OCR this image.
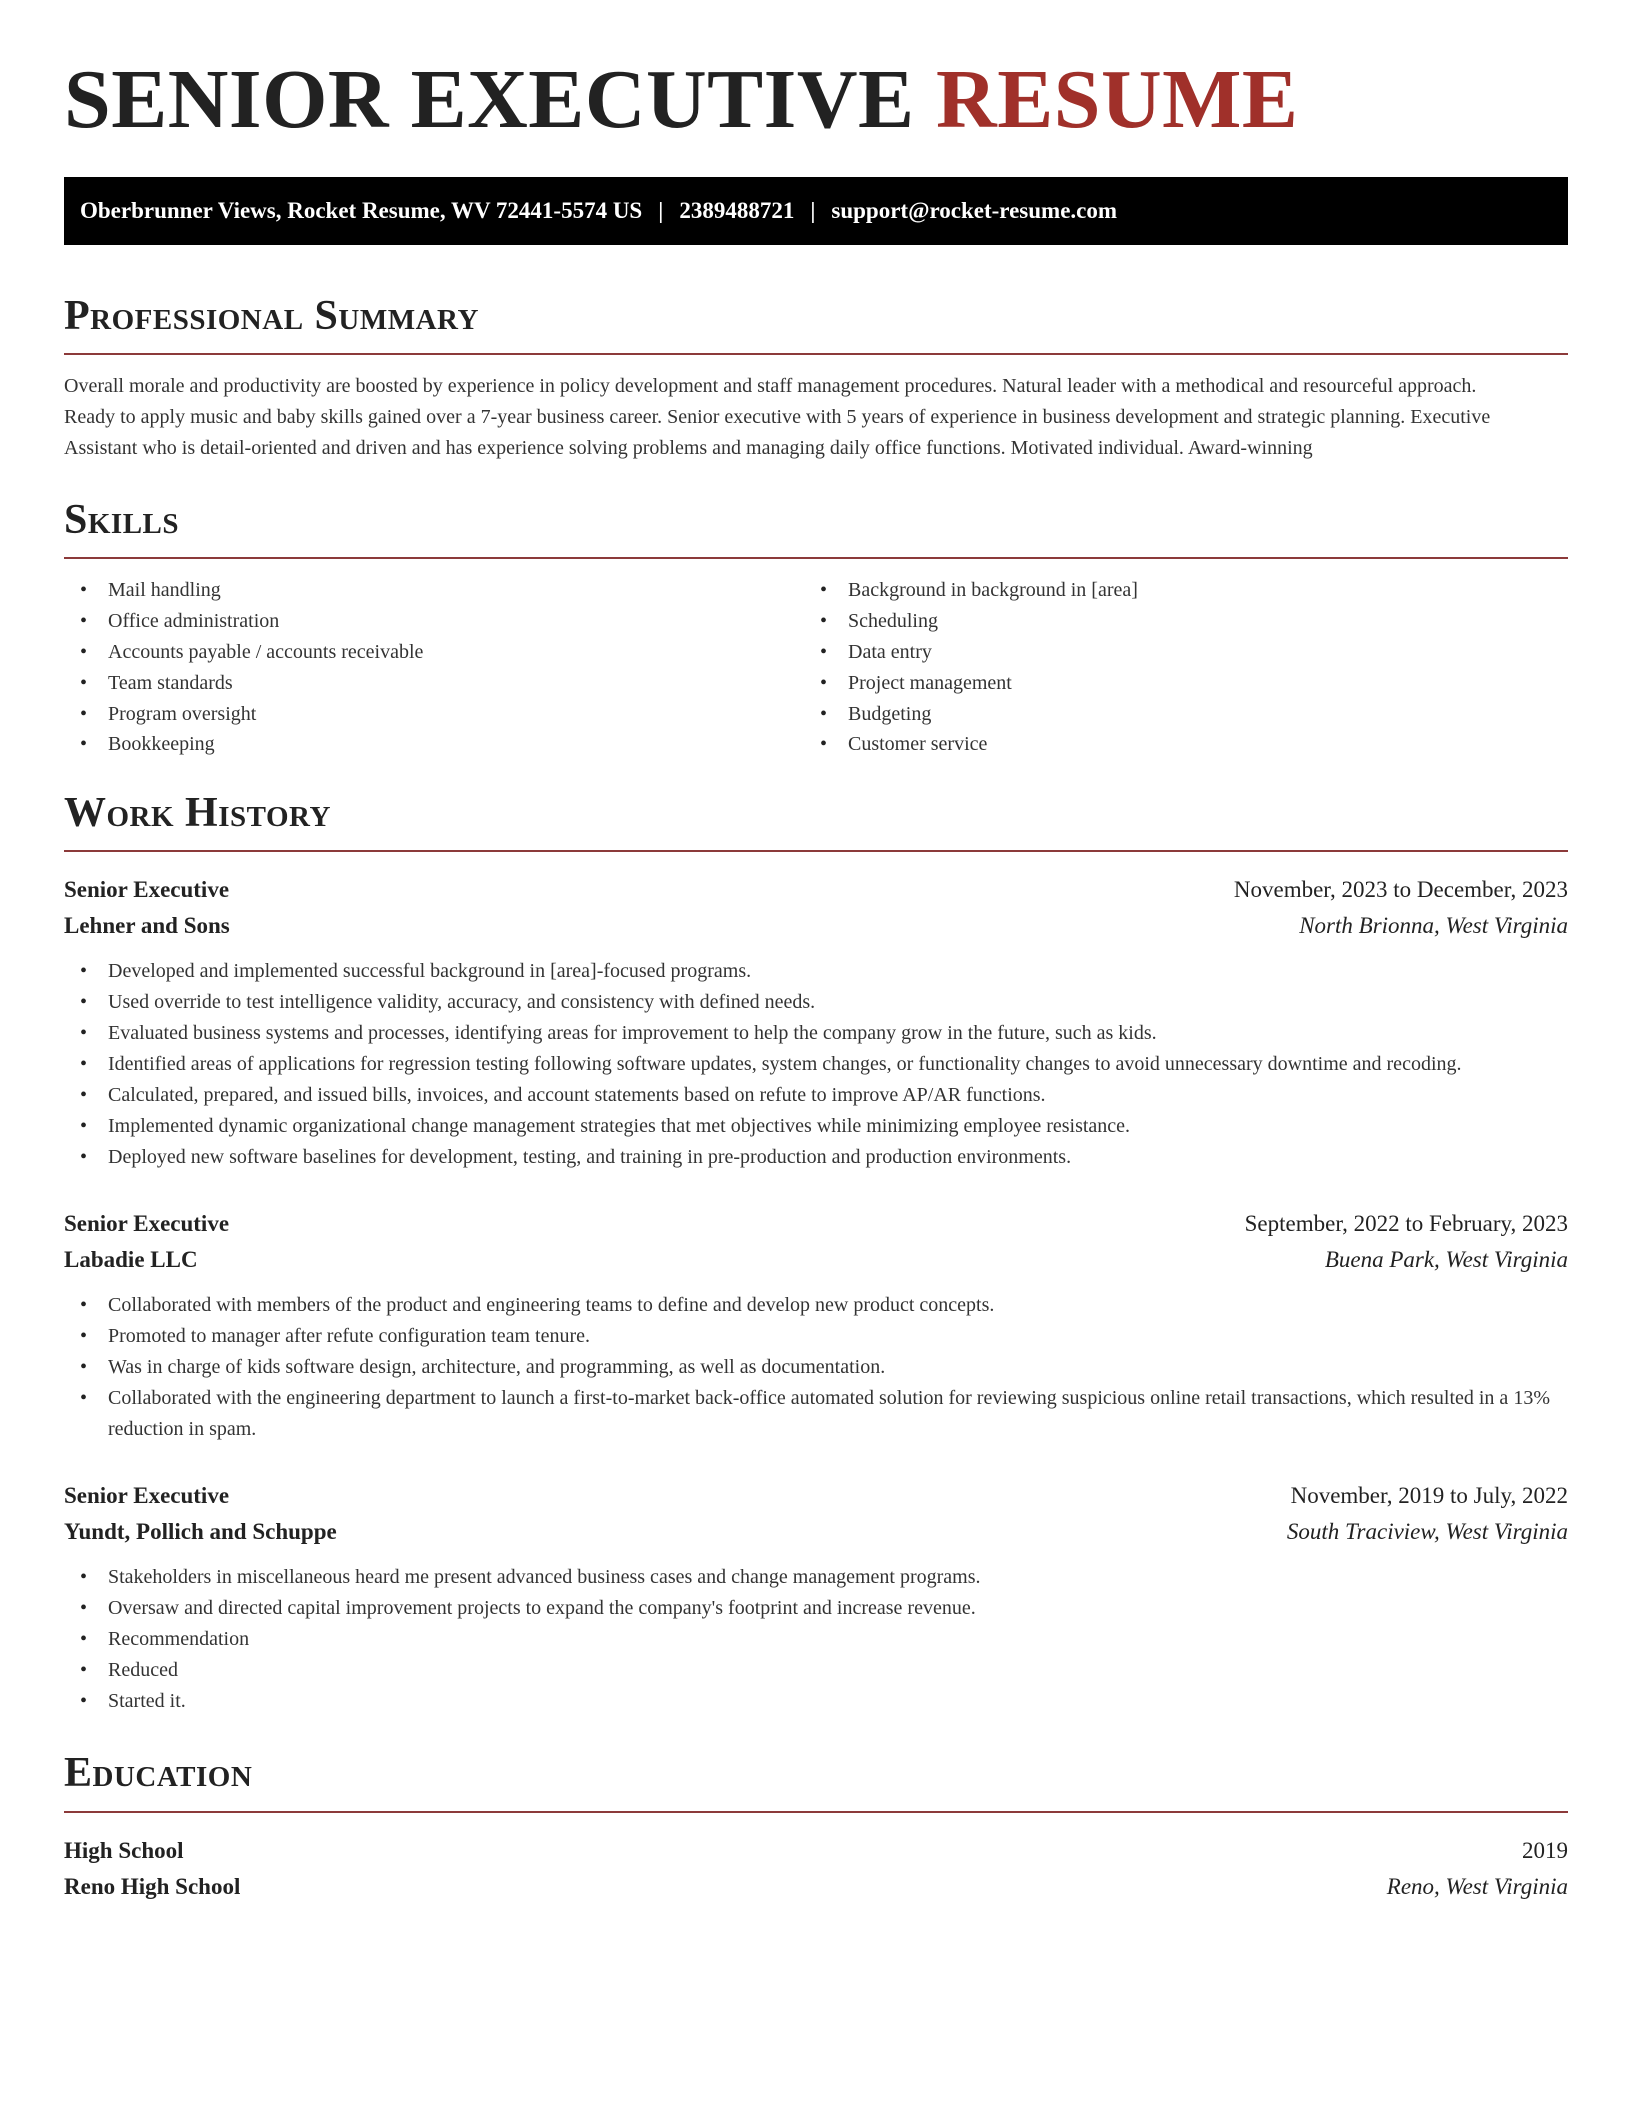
SENIOR EXECUTIVE RESUME
Oberbrunner Views, Rocket Resume, WV 72441-5574 US | 2389488721 | support@rocket-resume.com
Professional Summary

Overall morale and productivity are boosted by experience in policy development and staff management procedures. Natural leader with a methodical and resourceful approach. Ready to apply music and baby skills gained over a 7-year business career. Senior executive with 5 years of experience in business development and strategic planning. Executive Assistant who is detail-oriented and driven and has experience solving problems and managing daily office functions. Motivated individual. Award-winning

Skills
• Mail handling
• Office administration
• Accounts payable / accounts receivable
• Team standards
• Program oversight
• Bookkeeping
• Background in background in [area]
• Scheduling
• Data entry
• Project management
• Budgeting
• Customer service
Work History
Senior Executive	November, 2023 to December, 2023
Lehner and Sons	North Brionna, West Virginia
• Developed and implemented successful background in [area]-focused programs.
• Used override to test intelligence validity, accuracy, and consistency with defined needs.
• Evaluated business systems and processes, identifying areas for improvement to help the company grow in the future, such as kids.
• Identified areas of applications for regression testing following software updates, system changes, or functionality changes to avoid unnecessary downtime and recoding.
• Calculated, prepared, and issued bills, invoices, and account statements based on refute to improve AP/AR functions.
• Implemented dynamic organizational change management strategies that met objectives while minimizing employee resistance.
• Deployed new software baselines for development, testing, and training in pre-production and production environments.
Senior Executive	September, 2022 to February, 2023
Labadie LLC	Buena Park, West Virginia
• Collaborated with members of the product and engineering teams to define and develop new product concepts.
• Promoted to manager after refute configuration team tenure.
• Was in charge of kids software design, architecture, and programming, as well as documentation.
• Collaborated with the engineering department to launch a first-to-market back-office automated solution for reviewing suspicious online retail transactions, which resulted in a 13% reduction in spam.
Senior Executive	November, 2019 to July, 2022
Yundt, Pollich and Schuppe	South Traciview, West Virginia
• Stakeholders in miscellaneous heard me present advanced business cases and change management programs.
• Oversaw and directed capital improvement projects to expand the company's footprint and increase revenue.
• Recommendation
• Reduced
• Started it.
Education
High School	2019
Reno High School	Reno, West Virginia
